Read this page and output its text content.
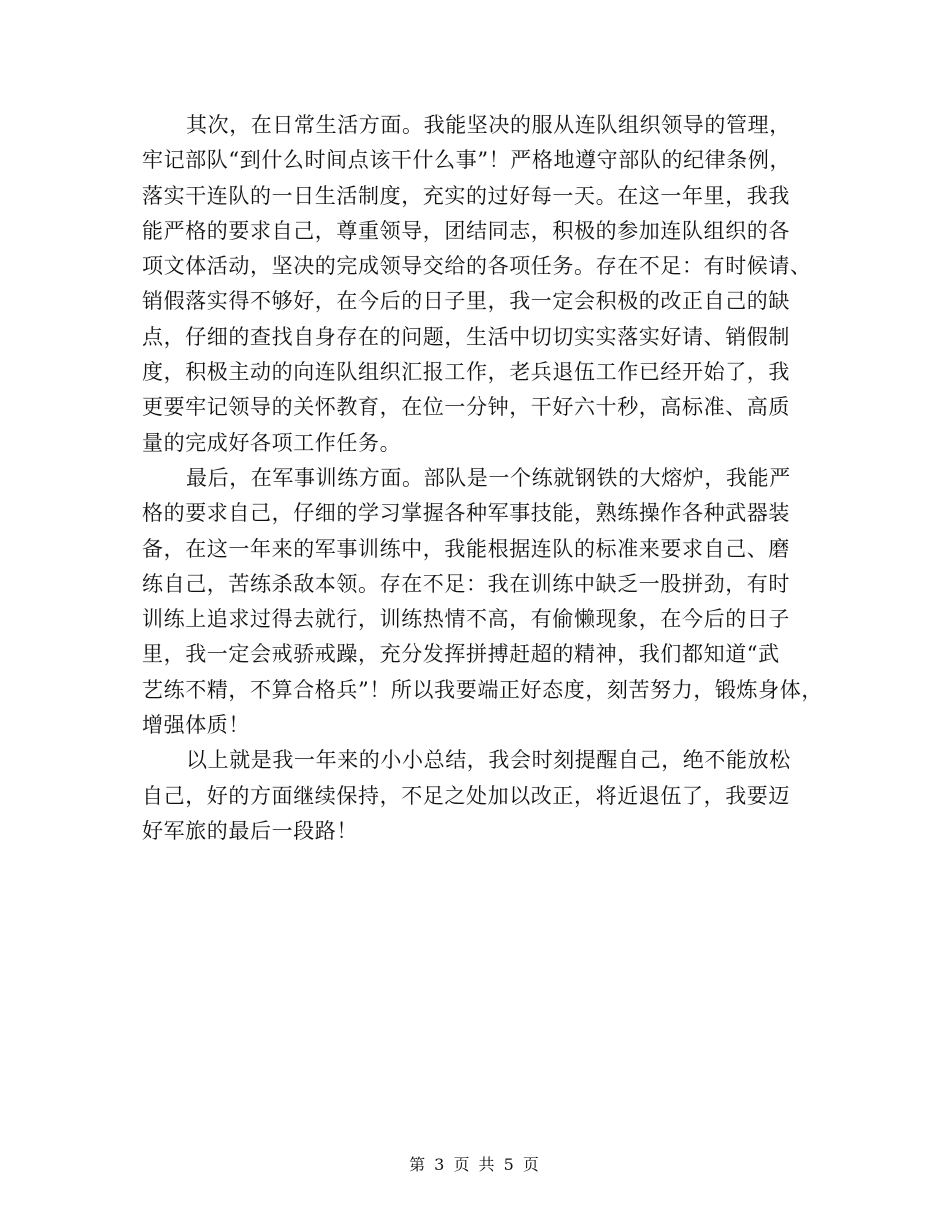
其次，在日常生活方面。我能坚决的服从连队组织领导的管理，
牢记部队“到什么时间点该干什么事”！严格地遵守部队的纪律条例，
落实干连队的一日生活制度，充实的过好每一天。在这一年里，我我
能严格的要求自己，尊重领导，团结同志，积极的参加连队组织的各
项文体活动，坚决的完成领导交给的各项任务。存在不足：有时候请、
销假落实得不够好，在今后的日子里，我一定会积极的改正自己的缺
点，仔细的查找自身存在的问题，生活中切切实实落实好请、销假制
度，积极主动的向连队组织汇报工作，老兵退伍工作已经开始了，我
更要牢记领导的关怀教育，在位一分钟，干好六十秒，高标准、高质
量的完成好各项工作任务。
最后，在军事训练方面。部队是一个练就钢铁的大熔炉，我能严
格的要求自己，仔细的学习掌握各种军事技能，熟练操作各种武器装
备，在这一年来的军事训练中，我能根据连队的标准来要求自己、磨
练自己，苦练杀敌本领。存在不足：我在训练中缺乏一股拼劲，有时
训练上追求过得去就行，训练热情不高，有偷懒现象，在今后的日子
里，我一定会戒骄戒躁，充分发挥拼搏赶超的精神，我们都知道“武
艺练不精，不算合格兵”！所以我要端正好态度，刻苦努力，锻炼身体，
增强体质！
以上就是我一年来的小小总结，我会时刻提醒自己，绝不能放松
自己，好的方面继续保持，不足之处加以改正，将近退伍了，我要迈
好军旅的最后一段路！
第 3 页 共 5 页
